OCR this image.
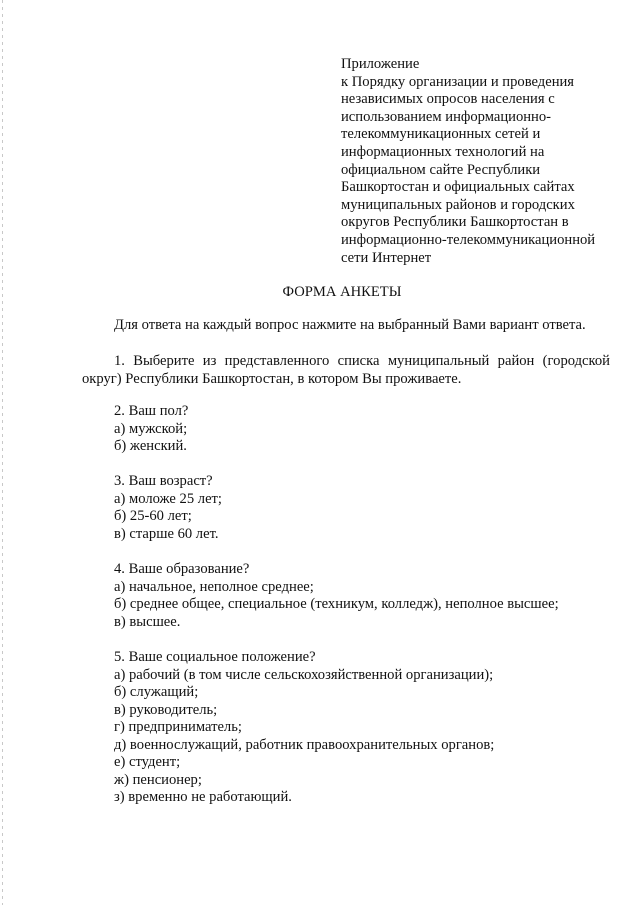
Приложение
к Порядку организации и проведения
независимых опросов населения с
использованием информационно-
телекоммуникационных сетей и
информационных технологий на
официальном сайте Республики
Башкортостан и официальных сайтах
муниципальных районов и городских
округов Республики Башкортостан в
информационно-телекоммуникационной
сети Интернет
ФОРМА АНКЕТЫ
Для ответа на каждый вопрос нажмите на выбранный Вами вариант ответа.
1. Выберите из представленного списка муниципальный район (городской
округ) Республики Башкортостан, в котором Вы проживаете.
2. Ваш пол?
а) мужской;
б) женский.
3. Ваш возраст?
а) моложе 25 лет;
б) 25-60 лет;
в) старше 60 лет.
4. Ваше образование?
а) начальное, неполное среднее;
б) среднее общее, специальное (техникум, колледж), неполное высшее;
в) высшее.
5. Ваше социальное положение?
а) рабочий (в том числе сельскохозяйственной организации);
б) служащий;
в) руководитель;
г) предприниматель;
д) военнослужащий, работник правоохранительных органов;
е) студент;
ж) пенсионер;
з) временно не работающий.
